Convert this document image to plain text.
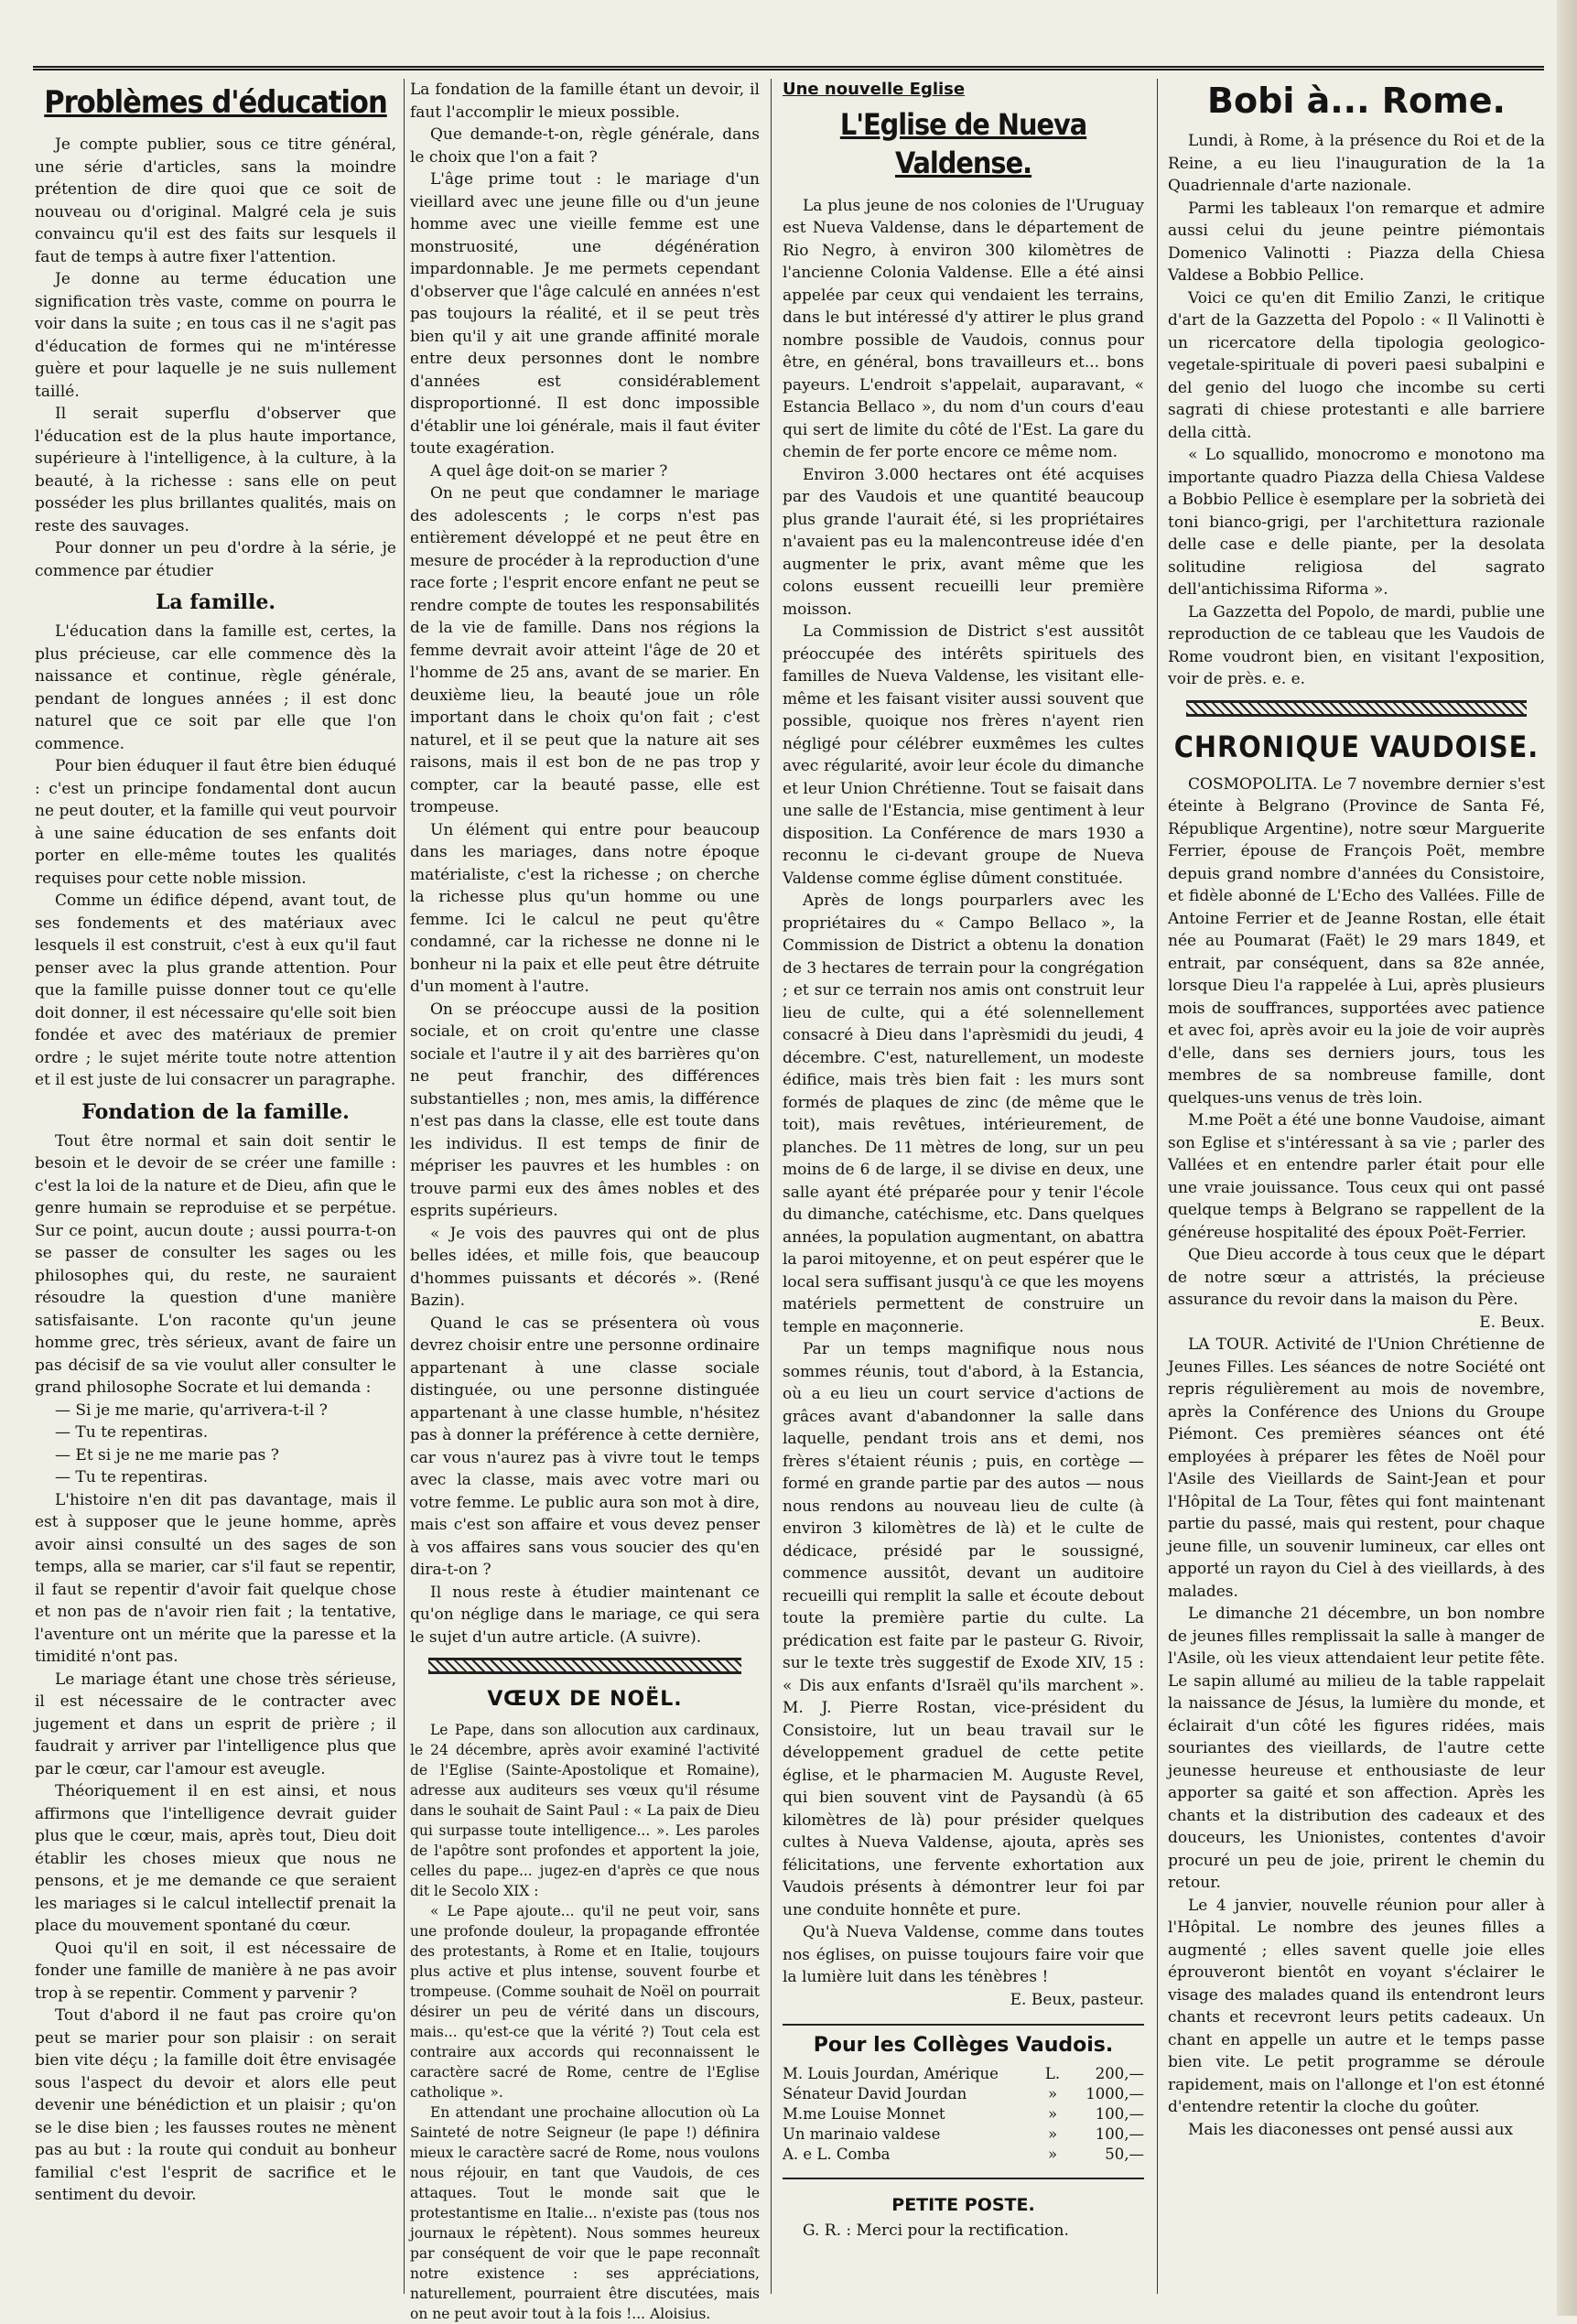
Problèmes d'éducation

Je compte publier, sous ce titre général, une série d'articles, sans la moindre prétention de dire quoi que ce soit de nouveau ou d'original. Malgré cela je suis convaincu qu'il est des faits sur lesquels il faut de temps à autre fixer l'attention.

Je donne au terme éducation une signification très vaste, comme on pourra le voir dans la suite ; en tous cas il ne s'agit pas d'éducation de formes qui ne m'intéresse guère et pour laquelle je ne suis nullement taillé.

Il serait superflu d'observer que l'éducation est de la plus haute importance, supérieure à l'intelligence, à la culture, à la beauté, à la richesse : sans elle on peut posséder les plus brillantes qualités, mais on reste des sauvages.

Pour donner un peu d'ordre à la série, je commence par étudier

La famille.

L'éducation dans la famille est, certes, la plus précieuse, car elle commence dès la naissance et continue, règle générale, pendant de longues années ; il est donc naturel que ce soit par elle que l'on commence.

Pour bien éduquer il faut être bien éduqué : c'est un principe fondamental dont aucun ne peut douter, et la famille qui veut pourvoir à une saine éducation de ses enfants doit porter en elle-même toutes les qualités requises pour cette noble mission.

Comme un édifice dépend, avant tout, de ses fondements et des matériaux avec lesquels il est construit, c'est à eux qu'il faut penser avec la plus grande attention. Pour que la famille puisse donner tout ce qu'elle doit donner, il est nécessaire qu'elle soit bien fondée et avec des matériaux de premier ordre ; le sujet mérite toute notre attention et il est juste de lui consacrer un paragraphe.

Fondation de la famille.

Tout être normal et sain doit sentir le besoin et le devoir de se créer une famille : c'est la loi de la nature et de Dieu, afin que le genre humain se reproduise et se perpétue. Sur ce point, aucun doute ; aussi pourra-t-on se passer de consulter les sages ou les philosophes qui, du reste, ne sauraient résoudre la question d'une manière satisfaisante. L'on raconte qu'un jeune homme grec, très sérieux, avant de faire un pas décisif de sa vie voulut aller consulter le grand philosophe Socrate et lui demanda :

— Si je me marie, qu'arrivera-t-il ?

— Tu te repentiras.

— Et si je ne me marie pas ?

— Tu te repentiras.

L'histoire n'en dit pas davantage, mais il est à supposer que le jeune homme, après avoir ainsi consulté un des sages de son temps, alla se marier, car s'il faut se repentir, il faut se repentir d'avoir fait quelque chose et non pas de n'avoir rien fait ; la tentative, l'aventure ont un mérite que la paresse et la timidité n'ont pas.

Le mariage étant une chose très sérieuse, il est nécessaire de le contracter avec jugement et dans un esprit de prière ; il faudrait y arriver par l'intelligence plus que par le cœur, car l'amour est aveugle.

Théoriquement il en est ainsi, et nous affirmons que l'intelligence devrait guider plus que le cœur, mais, après tout, Dieu doit établir les choses mieux que nous ne pensons, et je me demande ce que seraient les mariages si le calcul intellectif prenait la place du mouvement spontané du cœur.

Quoi qu'il en soit, il est nécessaire de fonder une famille de manière à ne pas avoir trop à se repentir. Comment y parvenir ?

Tout d'abord il ne faut pas croire qu'on peut se marier pour son plaisir : on serait bien vite déçu ; la famille doit être envisagée sous l'aspect du devoir et alors elle peut devenir une bénédiction et un plaisir ; qu'on se le dise bien ; les fausses routes ne mènent pas au but : la route qui conduit au bonheur familial c'est l'esprit de sacrifice et le sentiment du devoir.

La fondation de la famille étant un devoir, il faut l'accomplir le mieux possible.

Que demande-t-on, règle générale, dans le choix que l'on a fait ?

L'âge prime tout : le mariage d'un vieillard avec une jeune fille ou d'un jeune homme avec une vieille femme est une monstruosité, une dégénération impardonnable. Je me permets cependant d'observer que l'âge calculé en années n'est pas toujours la réalité, et il se peut très bien qu'il y ait une grande affinité morale entre deux personnes dont le nombre d'années est considérablement disproportionné. Il est donc impossible d'établir une loi générale, mais il faut éviter toute exagération.

A quel âge doit-on se marier ?

On ne peut que condamner le mariage des adolescents ; le corps n'est pas entièrement développé et ne peut être en mesure de procéder à la reproduction d'une race forte ; l'esprit encore enfant ne peut se rendre compte de toutes les responsabilités de la vie de famille. Dans nos régions la femme devrait avoir atteint l'âge de 20 et l'homme de 25 ans, avant de se marier. En deuxième lieu, la beauté joue un rôle important dans le choix qu'on fait ; c'est naturel, et il se peut que la nature ait ses raisons, mais il est bon de ne pas trop y compter, car la beauté passe, elle est trompeuse.

Un élément qui entre pour beaucoup dans les mariages, dans notre époque matérialiste, c'est la richesse ; on cherche la richesse plus qu'un homme ou une femme. Ici le calcul ne peut qu'être condamné, car la richesse ne donne ni le bonheur ni la paix et elle peut être détruite d'un moment à l'autre.

On se préoccupe aussi de la position sociale, et on croit qu'entre une classe sociale et l'autre il y ait des barrières qu'on ne peut franchir, des différences substantielles ; non, mes amis, la différence n'est pas dans la classe, elle est toute dans les individus. Il est temps de finir de mépriser les pauvres et les humbles : on trouve parmi eux des âmes nobles et des esprits supérieurs.

« Je vois des pauvres qui ont de plus belles idées, et mille fois, que beaucoup d'hommes puissants et décorés ». (René Bazin).

Quand le cas se présentera où vous devrez choisir entre une personne ordinaire appartenant à une classe sociale distinguée, ou une personne distinguée appartenant à une classe humble, n'hésitez pas à donner la préférence à cette dernière, car vous n'aurez pas à vivre tout le temps avec la classe, mais avec votre mari ou votre femme. Le public aura son mot à dire, mais c'est son affaire et vous devez penser à vos affaires sans vous soucier des qu'en dira-t-on ?

Il nous reste à étudier maintenant ce qu'on néglige dans le mariage, ce qui sera le sujet d'un autre article. (A suivre).

VŒUX DE NOËL.

Le Pape, dans son allocution aux cardinaux, le 24 décembre, après avoir examiné l'activité de l'Eglise (Sainte-Apostolique et Romaine), adresse aux auditeurs ses vœux qu'il résume dans le souhait de Saint Paul : « La paix de Dieu qui surpasse toute intelligence... ». Les paroles de l'apôtre sont profondes et apportent la joie, celles du pape... jugez-en d'après ce que nous dit le Secolo XIX :

« Le Pape ajoute... qu'il ne peut voir, sans une profonde douleur, la propagande effrontée des protestants, à Rome et en Italie, toujours plus active et plus intense, souvent fourbe et trompeuse. (Comme souhait de Noël on pourrait désirer un peu de vérité dans un discours, mais... qu'est-ce que la vérité ?) Tout cela est contraire aux accords qui reconnaissent le caractère sacré de Rome, centre de l'Eglise catholique ».

En attendant une prochaine allocution où La Sainteté de notre Seigneur (le pape !) définira mieux le caractère sacré de Rome, nous voulons nous réjouir, en tant que Vaudois, de ces attaques. Tout le monde sait que le protestantisme en Italie... n'existe pas (tous nos journaux le répètent). Nous sommes heureux par conséquent de voir que le pape reconnaît notre existence : ses appréciations, naturellement, pourraient être discutées, mais on ne peut avoir tout à la fois !... Aloisius.

Une nouvelle Eglise
L'Eglise de Nueva Valdense.

La plus jeune de nos colonies de l'Uruguay est Nueva Valdense, dans le département de Rio Negro, à environ 300 kilomètres de l'ancienne Colonia Valdense. Elle a été ainsi appelée par ceux qui vendaient les terrains, dans le but intéressé d'y attirer le plus grand nombre possible de Vaudois, connus pour être, en général, bons travailleurs et... bons payeurs. L'endroit s'appelait, auparavant, « Estancia Bellaco », du nom d'un cours d'eau qui sert de limite du côté de l'Est. La gare du chemin de fer porte encore ce même nom.

Environ 3.000 hectares ont été acquises par des Vaudois et une quantité beaucoup plus grande l'aurait été, si les propriétaires n'avaient pas eu la malencontreuse idée d'en augmenter le prix, avant même que les colons eussent recueilli leur première moisson.

La Commission de District s'est aussitôt préoccupée des intérêts spirituels des familles de Nueva Valdense, les visitant elle-même et les faisant visiter aussi souvent que possible, quoique nos frères n'ayent rien négligé pour célébrer euxmêmes les cultes avec régularité, avoir leur école du dimanche et leur Union Chrétienne. Tout se faisait dans une salle de l'Estancia, mise gentiment à leur disposition. La Conférence de mars 1930 a reconnu le ci-devant groupe de Nueva Valdense comme église dûment constituée.

Après de longs pourparlers avec les propriétaires du « Campo Bellaco », la Commission de District a obtenu la donation de 3 hectares de terrain pour la congrégation ; et sur ce terrain nos amis ont construit leur lieu de culte, qui a été solennellement consacré à Dieu dans l'aprèsmidi du jeudi, 4 décembre. C'est, naturellement, un modeste édifice, mais très bien fait : les murs sont formés de plaques de zinc (de même que le toit), mais revêtues, intérieurement, de planches. De 11 mètres de long, sur un peu moins de 6 de large, il se divise en deux, une salle ayant été préparée pour y tenir l'école du dimanche, catéchisme, etc. Dans quelques années, la population augmentant, on abattra la paroi mitoyenne, et on peut espérer que le local sera suffisant jusqu'à ce que les moyens matériels permettent de construire un temple en maçonnerie.

Par un temps magnifique nous nous sommes réunis, tout d'abord, à la Estancia, où a eu lieu un court service d'actions de grâces avant d'abandonner la salle dans laquelle, pendant trois ans et demi, nos frères s'étaient réunis ; puis, en cortège — formé en grande partie par des autos — nous nous rendons au nouveau lieu de culte (à environ 3 kilomètres de là) et le culte de dédicace, présidé par le soussigné, commence aussitôt, devant un auditoire recueilli qui remplit la salle et écoute debout toute la première partie du culte. La prédication est faite par le pasteur G. Rivoir, sur le texte très suggestif de Exode XIV, 15 : « Dis aux enfants d'Israël qu'ils marchent ». M. J. Pierre Rostan, vice-président du Consistoire, lut un beau travail sur le développement graduel de cette petite église, et le pharmacien M. Auguste Revel, qui bien souvent vint de Paysandù (à 65 kilomètres de là) pour présider quelques cultes à Nueva Valdense, ajouta, après ses félicitations, une fervente exhortation aux Vaudois présents à démontrer leur foi par une conduite honnête et pure.

Qu'à Nueva Valdense, comme dans toutes nos églises, on puisse toujours faire voir que la lumière luit dans les ténèbres !

E. Beux, pasteur.

Pour les Collèges Vaudois.
M. Louis Jourdan, Amérique	L.	200,—
Sénateur David Jourdan	»	1000,—
M.me Louise Monnet	»	100,—
Un marinaio valdese	»	100,—
A. e L. Comba	»	50,—
PETITE POSTE.

G. R. : Merci pour la rectification.

Bobi à... Rome.

Lundi, à Rome, à la présence du Roi et de la Reine, a eu lieu l'inauguration de la 1a Quadriennale d'arte nazionale.

Parmi les tableaux l'on remarque et admire aussi celui du jeune peintre piémontais Domenico Valinotti : Piazza della Chiesa Valdese a Bobbio Pellice.

Voici ce qu'en dit Emilio Zanzi, le critique d'art de la Gazzetta del Popolo : « Il Valinotti è un ricercatore della tipologia geologico-vegetale-spirituale di poveri paesi subalpini e del genio del luogo che incombe su certi sagrati di chiese protestanti e alle barriere della città.

« Lo squallido, monocromo e monotono ma importante quadro Piazza della Chiesa Valdese a Bobbio Pellice è esemplare per la sobrietà dei toni bianco-grigi, per l'architettura razionale delle case e delle piante, per la desolata solitudine religiosa del sagrato dell'antichissima Riforma ».

La Gazzetta del Popolo, de mardi, publie une reproduction de ce tableau que les Vaudois de Rome voudront bien, en visitant l'exposition, voir de près. e. e.

CHRONIQUE VAUDOISE.

COSMOPOLITA. Le 7 novembre dernier s'est éteinte à Belgrano (Province de Santa Fé, République Argentine), notre sœur Marguerite Ferrier, épouse de François Poët, membre depuis grand nombre d'années du Consistoire, et fidèle abonné de L'Echo des Vallées. Fille de Antoine Ferrier et de Jeanne Rostan, elle était née au Poumarat (Faët) le 29 mars 1849, et entrait, par conséquent, dans sa 82e année, lorsque Dieu l'a rappelée à Lui, après plusieurs mois de souffrances, supportées avec patience et avec foi, après avoir eu la joie de voir auprès d'elle, dans ses derniers jours, tous les membres de sa nombreuse famille, dont quelques-uns venus de très loin.

M.me Poët a été une bonne Vaudoise, aimant son Eglise et s'intéressant à sa vie ; parler des Vallées et en entendre parler était pour elle une vraie jouissance. Tous ceux qui ont passé quelque temps à Belgrano se rappellent de la généreuse hospitalité des époux Poët-Ferrier.

Que Dieu accorde à tous ceux que le départ de notre sœur a attristés, la précieuse assurance du revoir dans la maison du Père.

E. Beux.

LA TOUR. Activité de l'Union Chrétienne de Jeunes Filles. Les séances de notre Société ont repris régulièrement au mois de novembre, après la Conférence des Unions du Groupe Piémont. Ces premières séances ont été employées à préparer les fêtes de Noël pour l'Asile des Vieillards de Saint-Jean et pour l'Hôpital de La Tour, fêtes qui font maintenant partie du passé, mais qui restent, pour chaque jeune fille, un souvenir lumineux, car elles ont apporté un rayon du Ciel à des vieillards, à des malades.

Le dimanche 21 décembre, un bon nombre de jeunes filles remplissait la salle à manger de l'Asile, où les vieux attendaient leur petite fête. Le sapin allumé au milieu de la table rappelait la naissance de Jésus, la lumière du monde, et éclairait d'un côté les figures ridées, mais souriantes des vieillards, de l'autre cette jeunesse heureuse et enthousiaste de leur apporter sa gaité et son affection. Après les chants et la distribution des cadeaux et des douceurs, les Unionistes, contentes d'avoir procuré un peu de joie, prirent le chemin du retour.

Le 4 janvier, nouvelle réunion pour aller à l'Hôpital. Le nombre des jeunes filles a augmenté ; elles savent quelle joie elles éprouveront bientôt en voyant s'éclairer le visage des malades quand ils entendront leurs chants et recevront leurs petits cadeaux. Un chant en appelle un autre et le temps passe bien vite. Le petit programme se déroule rapidement, mais on l'allonge et l'on est étonné d'entendre retentir la cloche du goûter.

Mais les diaconesses ont pensé aussi aux
